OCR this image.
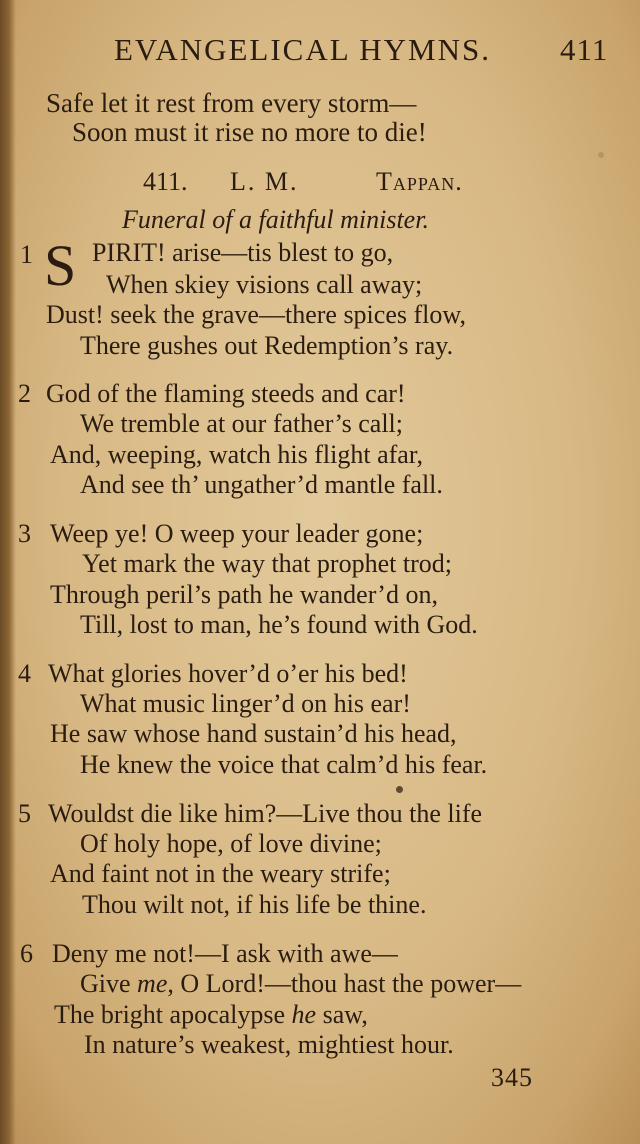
EVANGELICAL HYMNS. 411
Safe let it rest from every storm—
Soon must it rise no more to die!
411. L. M.	Tappan.
Funeral of a faithful minister.
1 S PIRIT! arise—tis blest to go,
When skiey visions call away;
Dust! seek the grave—there spices flow,
There gushes out Redemption’s ray.
2 God of the flaming steeds and car!
We tremble at our father’s call;
And, weeping, watch his flight afar,
And see th’ ungather’d mantle fall.
3 Weep ye! O weep your leader gone;
Yet mark the way that prophet trod;
Through peril’s path he wander’d on,
Till, lost to man, he’s found with God.
4 What glories hover’d o’er his bed!
What music linger’d on his ear!
He saw whose hand sustain’d his head,
He knew the voice that calm’d his fear.
5 Wouldst die like him?—Live thou the life
Of holy hope, of love divine;
And faint not in the weary strife;
Thou wilt not, if his life be thine.
6 Deny me not!—I ask with awe—
Give me, O Lord!—thou hast the power—
The bright apocalypse he saw,
In nature’s weakest, mightiest hour.
345
